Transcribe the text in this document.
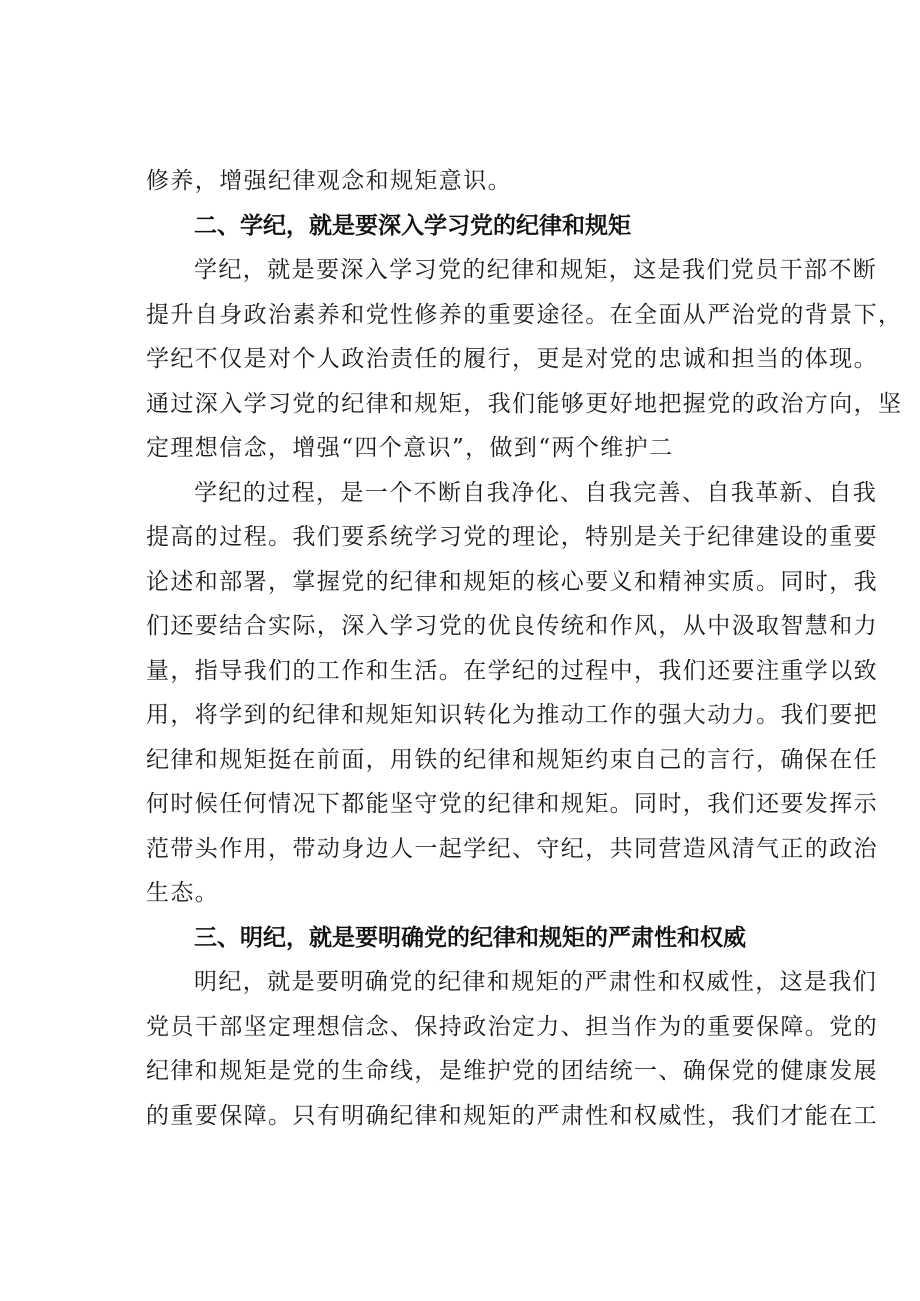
修养，增强纪律观念和规矩意识。
二、学纪，就是要深入学习党的纪律和规矩
学纪，就是要深入学习党的纪律和规矩，这是我们党员干部不断
提升自身政治素养和党性修养的重要途径。在全面从严治党的背景下，
学纪不仅是对个人政治责任的履行，更是对党的忠诚和担当的体现。
通过深入学习党的纪律和规矩，我们能够更好地把握党的政治方向，坚
定理想信念，增强“四个意识”，做到“两个维护二
学纪的过程，是一个不断自我净化、自我完善、自我革新、自我
提高的过程。我们要系统学习党的理论，特别是关于纪律建设的重要
论述和部署，掌握党的纪律和规矩的核心要义和精神实质。同时，我
们还要结合实际，深入学习党的优良传统和作风，从中汲取智慧和力
量，指导我们的工作和生活。在学纪的过程中，我们还要注重学以致
用，将学到的纪律和规矩知识转化为推动工作的强大动力。我们要把
纪律和规矩挺在前面，用铁的纪律和规矩约束自己的言行，确保在任
何时候任何情况下都能坚守党的纪律和规矩。同时，我们还要发挥示
范带头作用，带动身边人一起学纪、守纪，共同营造风清气正的政治
生态。
三、明纪，就是要明确党的纪律和规矩的严肃性和权威
明纪，就是要明确党的纪律和规矩的严肃性和权威性，这是我们
党员干部坚定理想信念、保持政治定力、担当作为的重要保障。党的
纪律和规矩是党的生命线，是维护党的团结统一、确保党的健康发展
的重要保障。只有明确纪律和规矩的严肃性和权威性，我们才能在工
